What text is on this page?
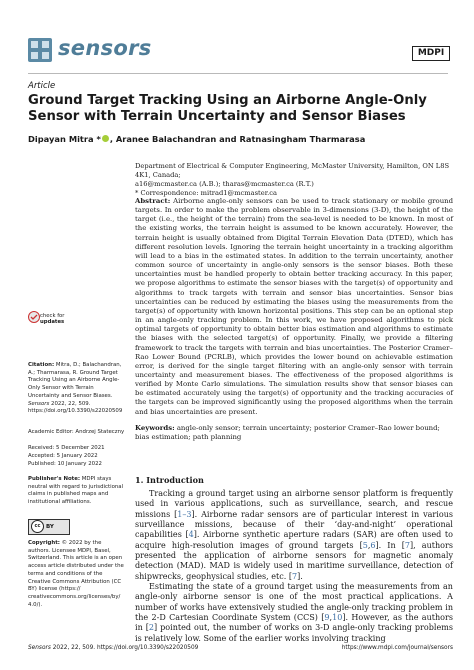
sensors	MDPI
Article
Ground Target Tracking Using an Airborne Angle-Only Sensor with Terrain Uncertainty and Sensor Biases
Dipayan Mitra * , Aranee Balachandran and Ratnasingham Tharmarasa
Department of Electrical & Computer Engineering, McMaster University, Hamilton, ON L8S 4K1, Canada;
a16@mcmaster.ca (A.B.); tharas@mcmaster.ca (R.T.)
* Correspondence: mitrad1@mcmaster.ca
Abstract: Airborne angle-only sensors can be used to track stationary or mobile ground targets. In order to make the problem observable in 3-dimensions (3-D), the height of the target (i.e., the height of the terrain) from the sea-level is needed to be known. In most of the existing works, the terrain height is assumed to be known accurately. However, the terrain height is usually obtained from Digital Terrain Elevation Data (DTED), which has different resolution levels. Ignoring the terrain height uncertainty in a tracking algorithm will lead to a bias in the estimated states. In addition to the terrain uncertainty, another common source of uncertainty in angle-only sensors is the sensor biases. Both these uncertainties must be handled properly to obtain better tracking accuracy. In this paper, we propose algorithms to estimate the sensor biases with the target(s) of opportunity and algorithms to track targets with terrain and sensor bias uncertainties. Sensor bias uncertainties can be reduced by estimating the biases using the measurements from the target(s) of opportunity with known horizontal positions. This step can be an optional step in an angle-only tracking problem. In this work, we have proposed algorithms to pick optimal targets of opportunity to obtain better bias estimation and algorithms to estimate the biases with the selected target(s) of opportunity. Finally, we provide a filtering framework to track the targets with terrain and bias uncertainties. The Posterior Cramer–Rao Lower Bound (PCRLB), which provides the lower bound on achievable estimation error, is derived for the single target filtering with an angle-only sensor with terrain uncertainty and measurement biases. The effectiveness of the proposed algorithms is verified by Monte Carlo simulations. The simulation results show that sensor biases can be estimated accurately using the target(s) of opportunity and the tracking accuracies of the targets can be improved significantly using the proposed algorithms when the terrain and bias uncertainties are present.
Keywords: angle-only sensor; terrain uncertainty; posterior Cramer–Rao lower bound; bias estimation; path planning
1. Introduction

Tracking a ground target using an airborne sensor platform is frequently used in various applications, such as surveillance, search, and rescue missions [1–3]. Airborne radar sensors are of particular interest in various surveillance missions, because of their ‘day-and-night’ operational capabilities [4]. Airborne synthetic aperture radars (SAR) are often used to acquire high-resolution images of ground targets [5,6]. In [7], authors presented the application of airborne sensors for magnetic anomaly detection (MAD). MAD is widely used in maritime surveillance, detection of shipwrecks, geophysical studies, etc. [7].

Estimating the state of a ground target using the measurements from an angle-only airborne sensor is one of the most practical applications. A number of works have extensively studied the angle-only tracking problem in the 2-D Cartesian Coordinate System (CCS) [9,10]. However, as the authors in [2] pointed out, the number of works on 3-D angle-only tracking problems is relatively low. Some of the earlier works involving tracking

check for
updates
Citation: Mitra, D.; Balachandran, A.; Tharmarasa, R. Ground Target Tracking Using an Airborne Angle-Only Sensor with Terrain Uncertainty and Sensor Biases. Sensors 2022, 22, 509. https://doi.org/10.3390/s22020509
Academic Editor: Andrzej Stateczny
Received: 5 December 2021
Accepted: 5 January 2022
Published: 10 January 2022
Publisher's Note: MDPI stays neutral with regard to jurisdictional claims in published maps and institutional affiliations.
cc BY
Copyright: © 2022 by the authors. Licensee MDPI, Basel, Switzerland. This article is an open access article distributed under the terms and conditions of the Creative Commons Attribution (CC BY) license (https:// creativecommons.org/licenses/by/ 4.0/).
Sensors 2022, 22, 509. https://doi.org/10.3390/s22020509	https://www.mdpi.com/journal/sensors
